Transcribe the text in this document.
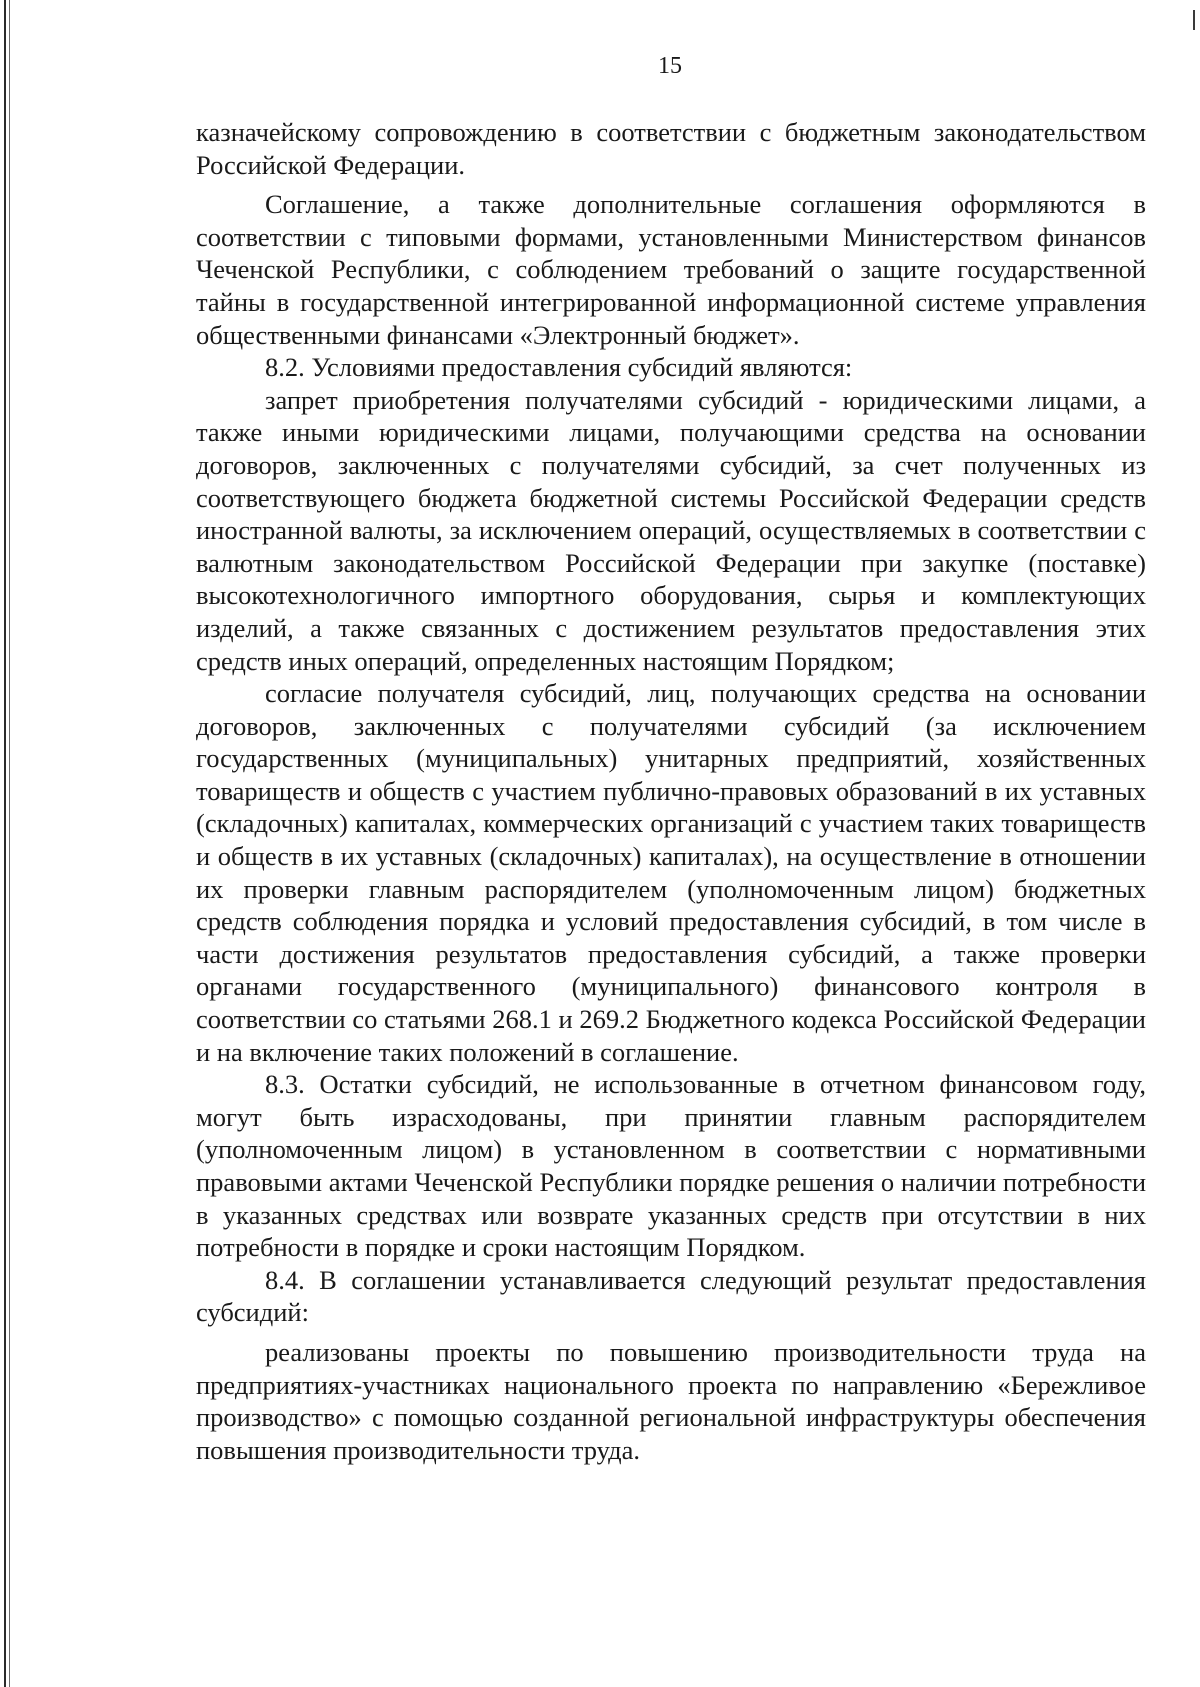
15

казначейскому сопровождению в соответствии с бюджетным законодательством Российской Федерации.

Соглашение, а также дополнительные соглашения оформляются в соответствии с типовыми формами, установленными Министерством финансов Чеченской Республики, с соблюдением требований о защите государственной тайны в государственной интегрированной информационной системе управления общественными финансами «Электронный бюджет».

8.2. Условиями предоставления субсидий являются:

запрет приобретения получателями субсидий - юридическими лицами, а также иными юридическими лицами, получающими средства на основании договоров, заключенных с получателями субсидий, за счет полученных из соответствующего бюджета бюджетной системы Российской Федерации средств иностранной валюты, за исключением операций, осуществляемых в соответствии с валютным законодательством Российской Федерации при закупке (поставке) высокотехнологичного импортного оборудования, сырья и комплектующих изделий, а также связанных с достижением результатов предоставления этих средств иных операций, определенных настоящим Порядком;

согласие получателя субсидий, лиц, получающих средства на основании договоров, заключенных с получателями субсидий (за исключением государственных (муниципальных) унитарных предприятий, хозяйственных товариществ и обществ с участием публично-правовых образований в их уставных (складочных) капиталах, коммерческих организаций с участием таких товариществ и обществ в их уставных (складочных) капиталах), на осуществление в отношении их проверки главным распорядителем (уполномоченным лицом) бюджетных средств соблюдения порядка и условий предоставления субсидий, в том числе в части достижения результатов предоставления субсидий, а также проверки органами государственного (муниципального) финансового контроля в соответствии со статьями 268.1 и 269.2 Бюджетного кодекса Российской Федерации и на включение таких положений в соглашение.

8.3. Остатки субсидий, не использованные в отчетном финансовом году, могут быть израсходованы, при принятии главным распорядителем (уполномоченным лицом) в установленном в соответствии с нормативными правовыми актами Чеченской Республики порядке решения о наличии потребности в указанных средствах или возврате указанных средств при отсутствии в них потребности в порядке и сроки настоящим Порядком.

8.4. В соглашении устанавливается следующий результат предоставления субсидий:

реализованы проекты по повышению производительности труда на предприятиях-участниках национального проекта по направлению «Бережливое производство» с помощью созданной региональной инфраструктуры обеспечения повышения производительности труда.
